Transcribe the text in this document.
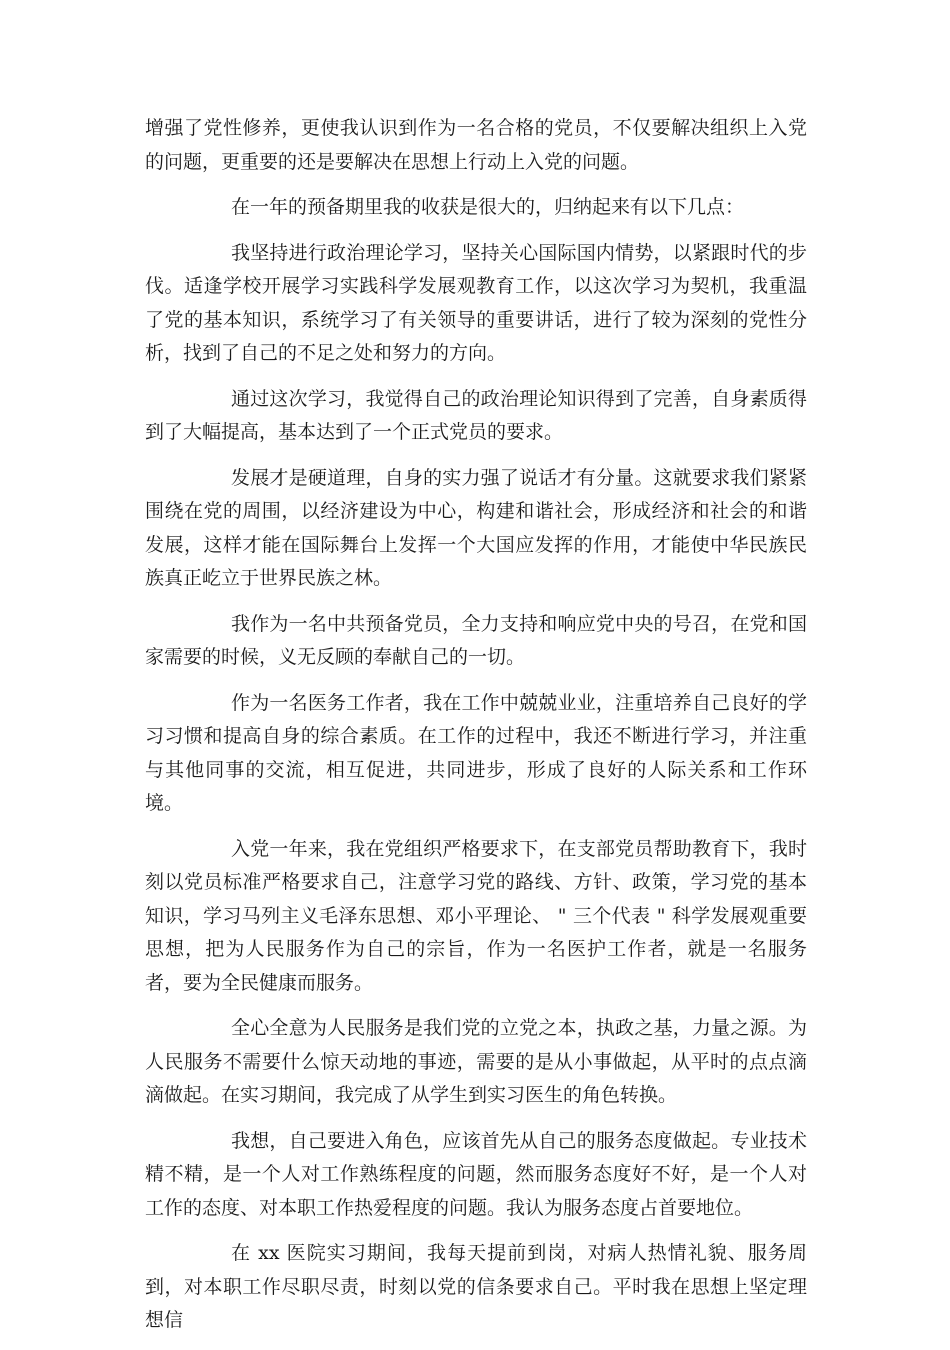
增强了党性修养，更使我认识到作为一名合格的党员，不仅要解决组织上入党的问题，更重要的还是要解决在思想上行动上入党的问题。

在一年的预备期里我的收获是很大的，归纳起来有以下几点：

我坚持进行政治理论学习，坚持关心国际国内情势，以紧跟时代的步伐。适逢学校开展学习实践科学发展观教育工作，以这次学习为契机，我重温了党的基本知识，系统学习了有关领导的重要讲话，进行了较为深刻的党性分析，找到了自己的不足之处和努力的方向。

通过这次学习，我觉得自己的政治理论知识得到了完善，自身素质得到了大幅提高，基本达到了一个正式党员的要求。

发展才是硬道理，自身的实力强了说话才有分量。这就要求我们紧紧围绕在党的周围，以经济建设为中心，构建和谐社会，形成经济和社会的和谐发展，这样才能在国际舞台上发挥一个大国应发挥的作用，才能使中华民族民族真正屹立于世界民族之林。

我作为一名中共预备党员，全力支持和响应党中央的号召，在党和国家需要的时候，义无反顾的奉献自己的一切。

作为一名医务工作者，我在工作中兢兢业业，注重培养自己良好的学习习惯和提高自身的综合素质。在工作的过程中，我还不断进行学习，并注重与其他同事的交流，相互促进，共同进步，形成了良好的人际关系和工作环境。

入党一年来，我在党组织严格要求下，在支部党员帮助教育下，我时刻以党员标准严格要求自己，注意学习党的路线、方针、政策，学习党的基本知识，学习马列主义毛泽东思想、邓小平理论、 " 三个代表 " 科学发展观重要思想，把为人民服务作为自己的宗旨，作为一名医护工作者，就是一名服务者，要为全民健康而服务。

全心全意为人民服务是我们党的立党之本，执政之基，力量之源。为人民服务不需要什么惊天动地的事迹，需要的是从小事做起，从平时的点点滴滴做起。在实习期间，我完成了从学生到实习医生的角色转换。

我想，自己要进入角色，应该首先从自己的服务态度做起。专业技术精不精，是一个人对工作熟练程度的问题，然而服务态度好不好，是一个人对工作的态度、对本职工作热爱程度的问题。我认为服务态度占首要地位。

在 xx 医院实习期间，我每天提前到岗，对病人热情礼貌、服务周到，对本职工作尽职尽责，时刻以党的信条要求自己。平时我在思想上坚定理想信
